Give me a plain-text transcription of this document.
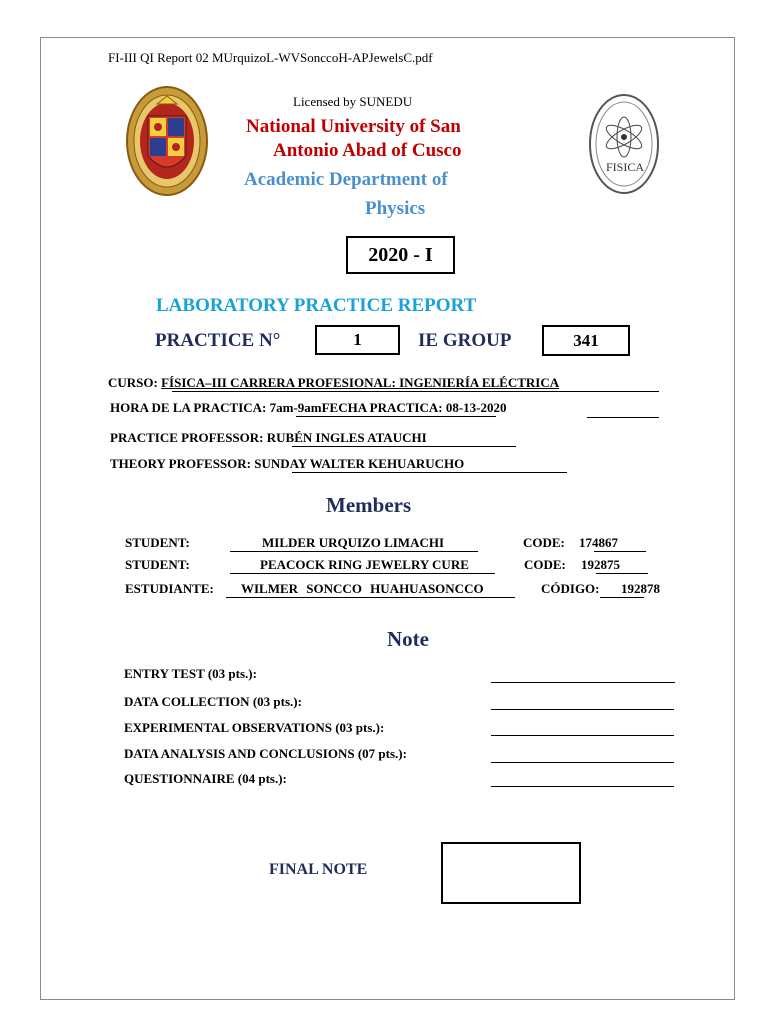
FI-III QI Report 02 MUrquizoL-WVSonccoH-APJewelsC.pdf
FISICA
Licensed by SUNEDU
National University of San
Antonio Abad of Cusco
Academic Department of
Physics
2020 - I
LABORATORY PRACTICE REPORT
PRACTICE N°	1	IE GROUP	341
CURSO: FÍSICA–III CARRERA PROFESIONAL: INGENIERÍA ELÉCTRICA
HORA DE LA PRACTICA: 7am-9amFECHA PRACTICA: 08-13-2020
PRACTICE PROFESSOR: RUBÉN INGLES ATAUCHI
THEORY PROFESSOR: SUNDAY WALTER KEHUARUCHO
Members
STUDENT:	MILDER URQUIZO LIMACHI	CODE: 174867
STUDENT:	PEACOCK RING JEWELRY CURE	CODE: 192875
ESTUDIANTE: WILMER SONCCO HUAHUASONCCO	CÓDIGO: 192878
Note
ENTRY TEST (03 pts.):
DATA COLLECTION (03 pts.):
EXPERIMENTAL OBSERVATIONS (03 pts.):
DATA ANALYSIS AND CONCLUSIONS (07 pts.):
QUESTIONNAIRE (04 pts.):
FINAL NOTE
